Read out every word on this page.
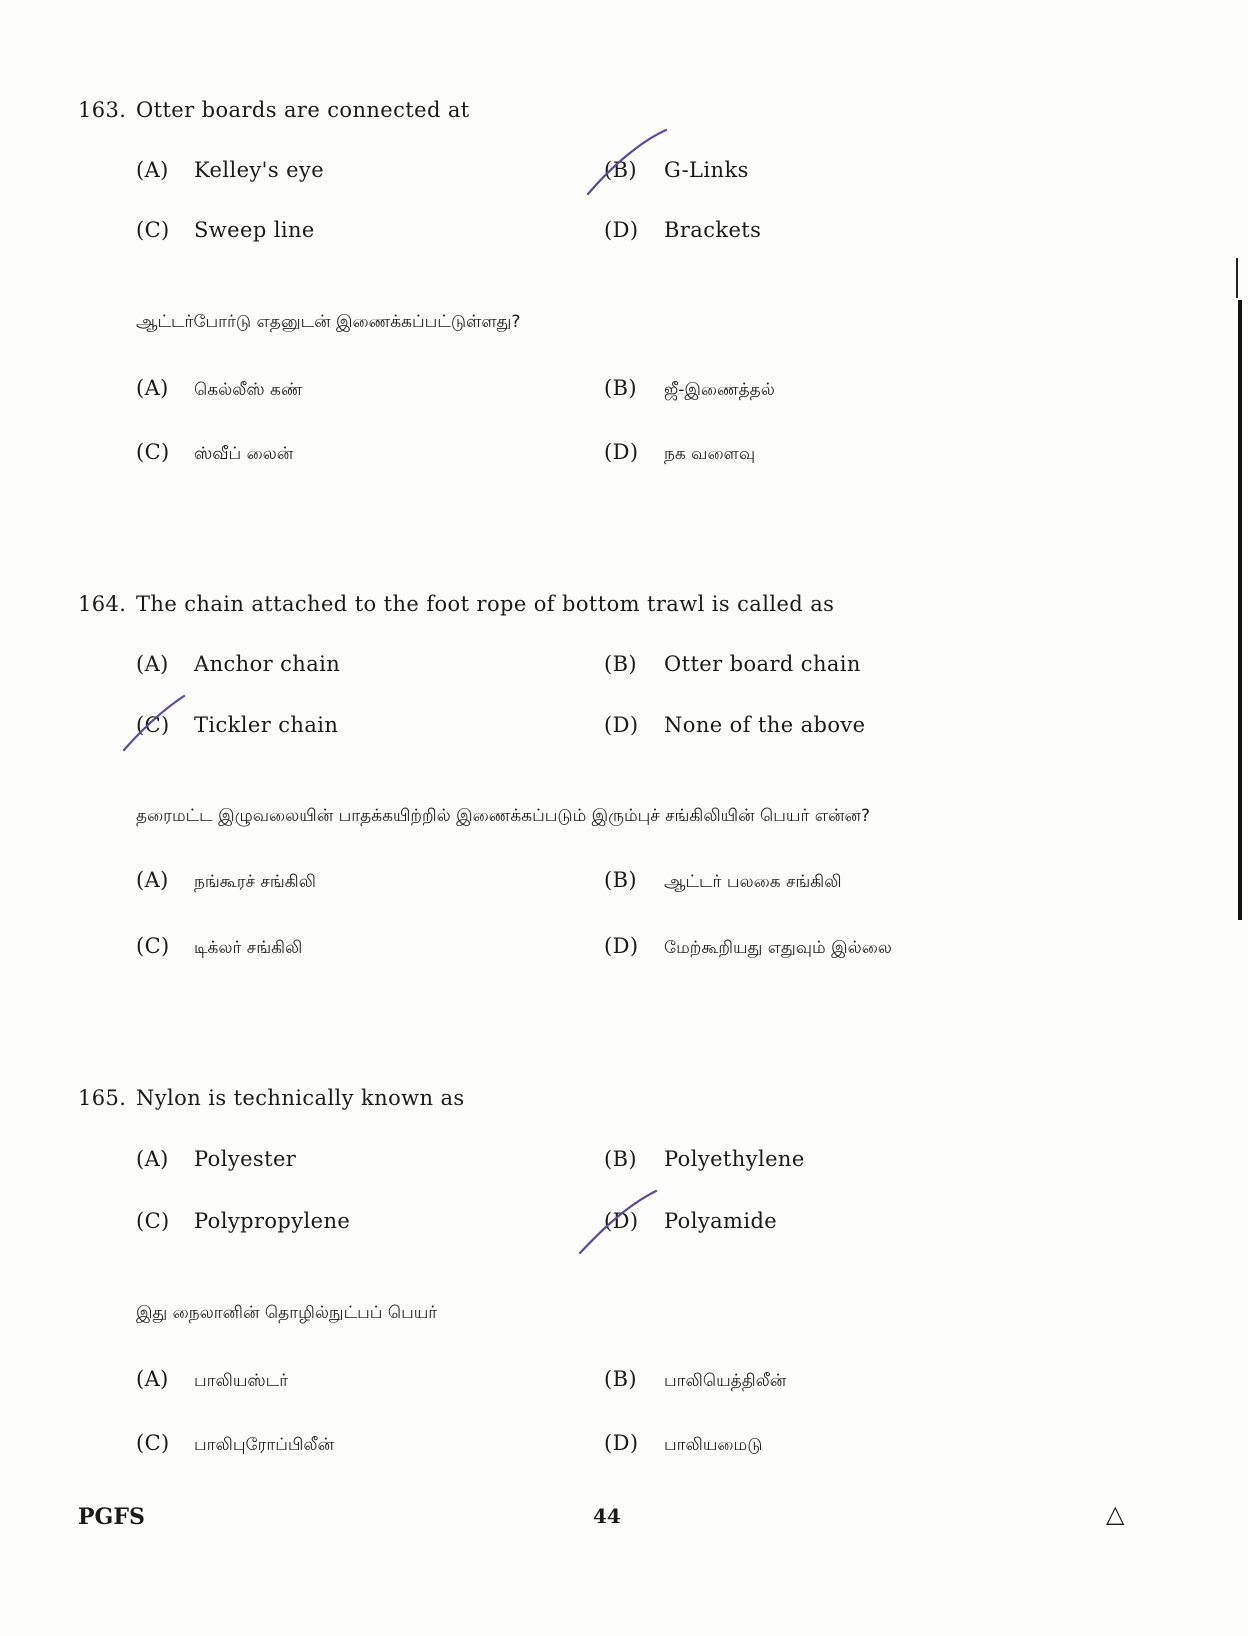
163. Otter boards are connected at
(A) Kelley's eye	(B) G-Links
(C) Sweep line	(D) Brackets
ஆட்டர்போர்டு எதனுடன் இணைக்கப்பட்டுள்ளது?
(A) கெல்லீஸ் கண்	(B) ஜீ-இணைத்தல்
(C) ஸ்வீப் லைன்	(D) நக வளைவு
164. The chain attached to the foot rope of bottom trawl is called as
(A) Anchor chain	(B) Otter board chain
(C) Tickler chain	(D) None of the above
தரைமட்ட இழுவலையின் பாதக்கயிற்றில் இணைக்கப்படும் இரும்புச் சங்கிலியின் பெயர் என்ன?
(A) நங்கூரச் சங்கிலி	(B) ஆட்டர் பலகை சங்கிலி
(C) டிக்லர் சங்கிலி	(D) மேற்கூறியது எதுவும் இல்லை
165. Nylon is technically known as
(A) Polyester	(B) Polyethylene
(C) Polypropylene	(D) Polyamide
இது நைலானின் தொழில்நுட்பப் பெயர்
(A) பாலியஸ்டர்	(B) பாலியெத்திலீன்
(C) பாலிபுரோப்பிலீன்	(D) பாலியமைடு
PGFS	44	△
